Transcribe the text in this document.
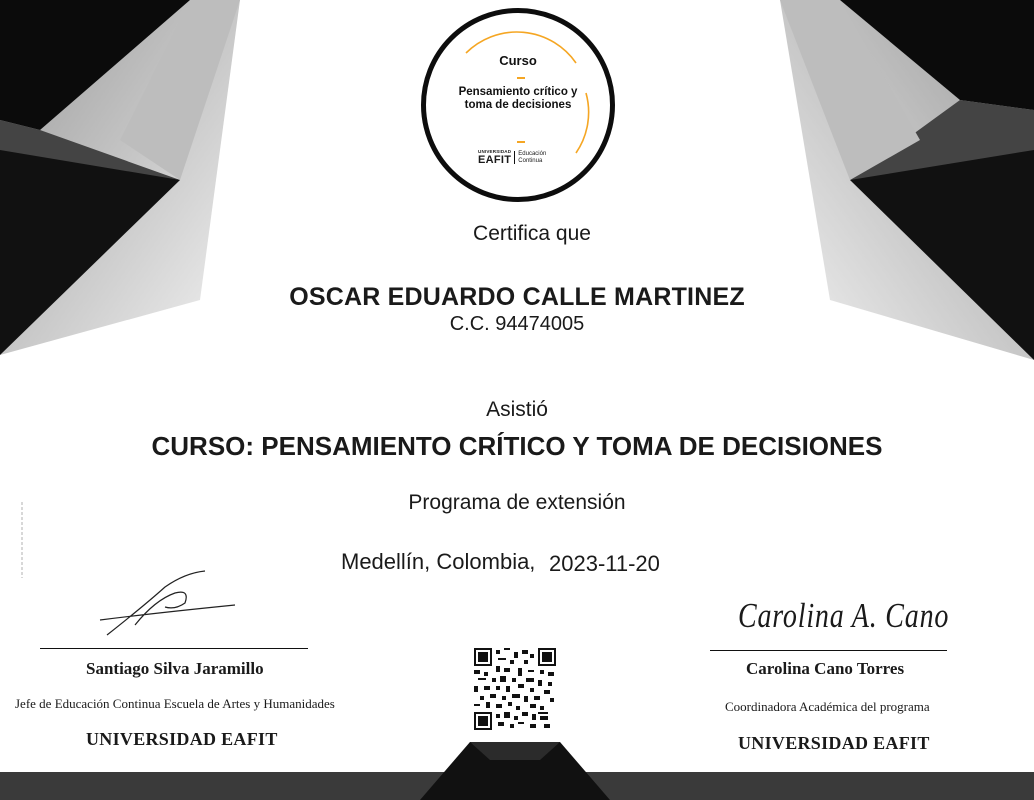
Curso
Pensamiento crítico y toma de decisiones
UNIVERSIDAD
EAFIT Educación
Continua
Certifica que
OSCAR EDUARDO CALLE MARTINEZ
C.C. 94474005
Asistió
CURSO: PENSAMIENTO CRÍTICO Y TOMA DE DECISIONES
Programa de extensión
Medellín, Colombia, 2023-11-20
Santiago Silva Jaramillo
Jefe de Educación Continua Escuela de Artes y Humanidades
UNIVERSIDAD EAFIT
Carolina A. Cano
Carolina Cano Torres
Coordinadora Académica del programa
UNIVERSIDAD EAFIT
